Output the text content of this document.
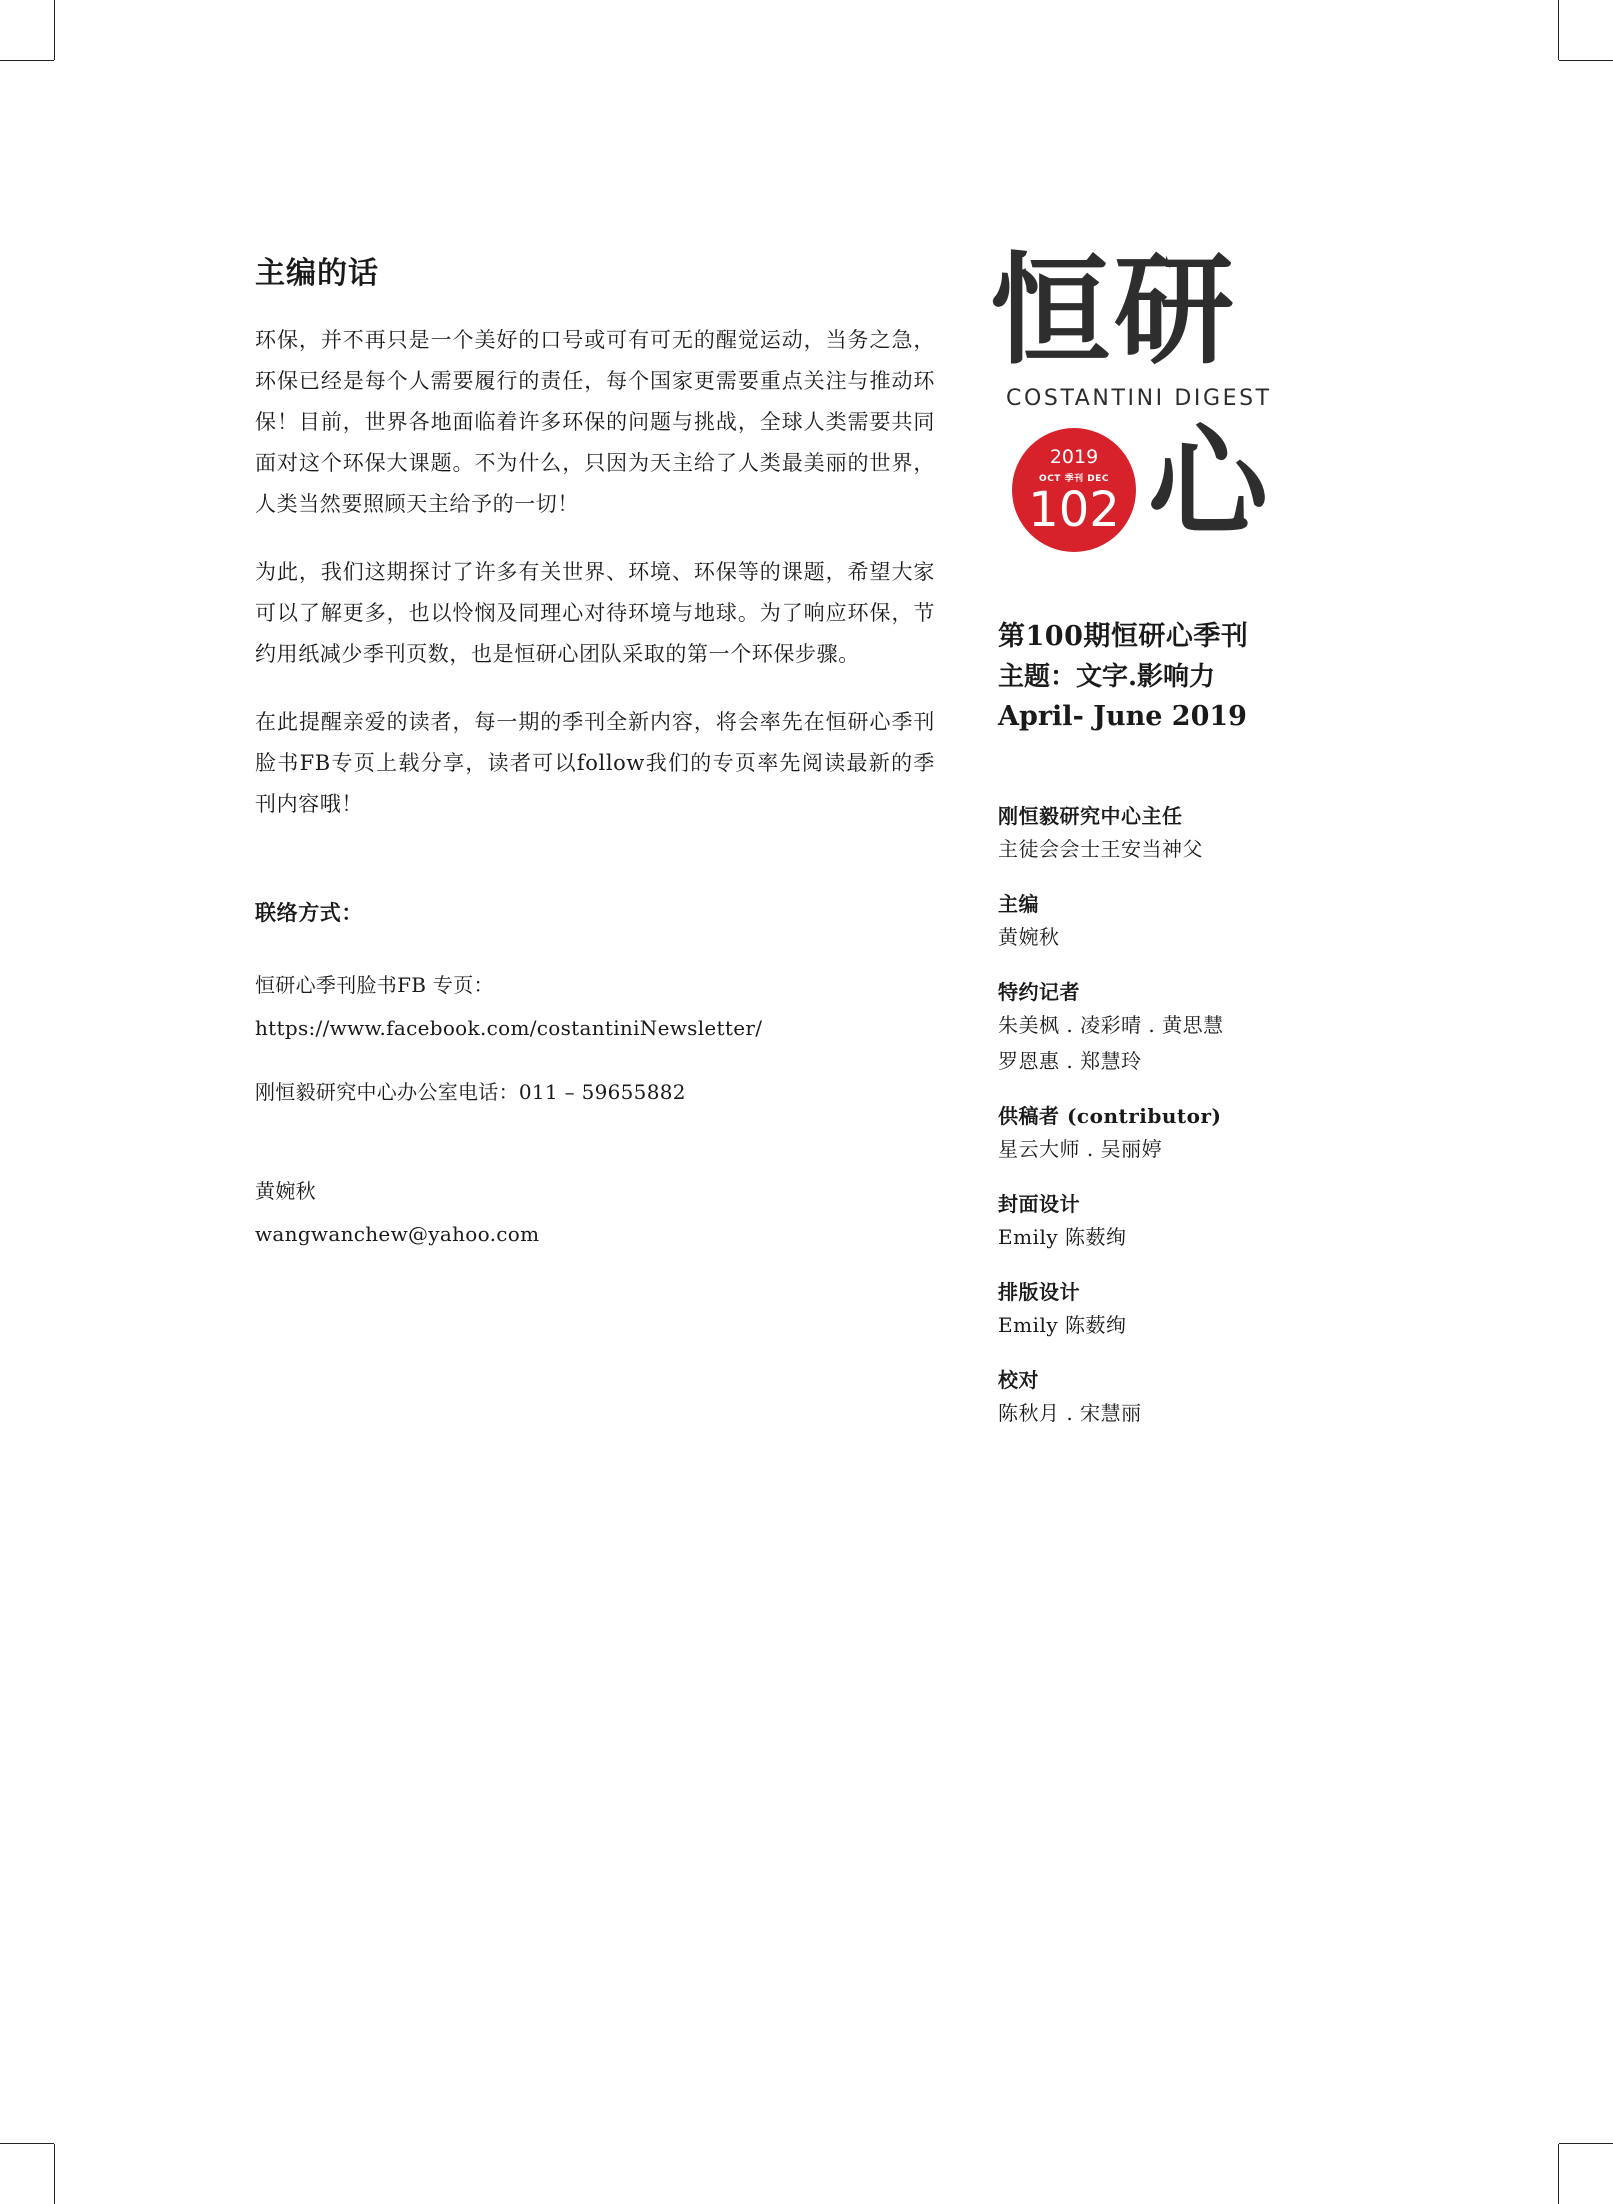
主编的话

环保，并不再只是一个美好的口号或可有可无的醒觉运动，当务之急，环保已经是每个人需要履行的责任，每个国家更需要重点关注与推动环保！目前，世界各地面临着许多环保的问题与挑战，全球人类需要共同面对这个环保大课题。不为什么，只因为天主给了人类最美丽的世界，人类当然要照顾天主给予的一切！

为此，我们这期探讨了许多有关世界、环境、环保等的课题，希望大家可以了解更多，也以怜悯及同理心对待环境与地球。为了响应环保，节约用纸减少季刊页数，也是恒研心团队采取的第一个环保步骤。

在此提醒亲爱的读者，每一期的季刊全新内容，将会率先在恒研心季刊脸书FB专页上载分享，读者可以follow我们的专页率先阅读最新的季刊内容哦！

联络方式：
恒研心季刊脸书FB 专页：
https://www.facebook.com/costantiniNewsletter/
刚恒毅研究中心办公室电话：011 – 59655882
黄婉秋
wangwanchew@yahoo.com
恒研
COSTANTINI DIGEST
2019
OCT 季刊 DEC
102 心
第100期恒研心季刊
主题：文字.影响力
April- June 2019
刚恒毅研究中心主任
主徒会会士王安当神父
主编
黄婉秋
特约记者
朱美枫 . 凌彩晴 . 黄思慧
罗恩惠 . 郑慧玲
供稿者 (contributor)
星云大师 . 吴丽婷
封面设计
Emily 陈薮绚
排版设计
Emily 陈薮绚
校对
陈秋月 . 宋慧丽
